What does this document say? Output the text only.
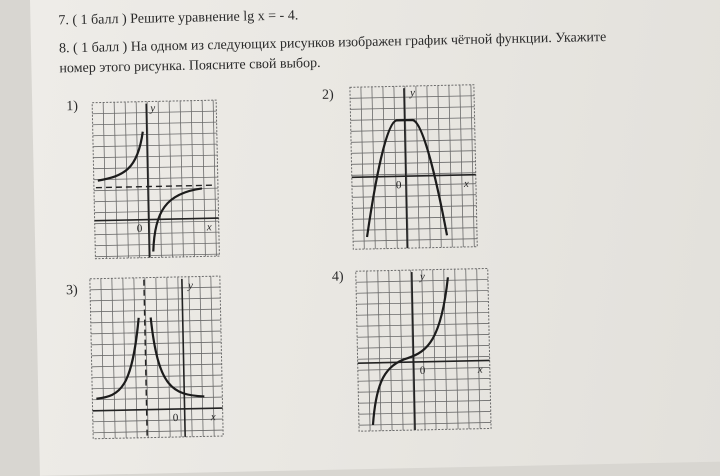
7. ( 1 балл ) Решите уравнение lg x = - 4.
8. ( 1 балл ) На одном из следующих рисунков изображен график чётной функции. Укажите
номер этого рисунка. Поясните свой выбор.
1)	y
x
0
2)	y
x
0
3)	y
x
0
4)	y
x
0
